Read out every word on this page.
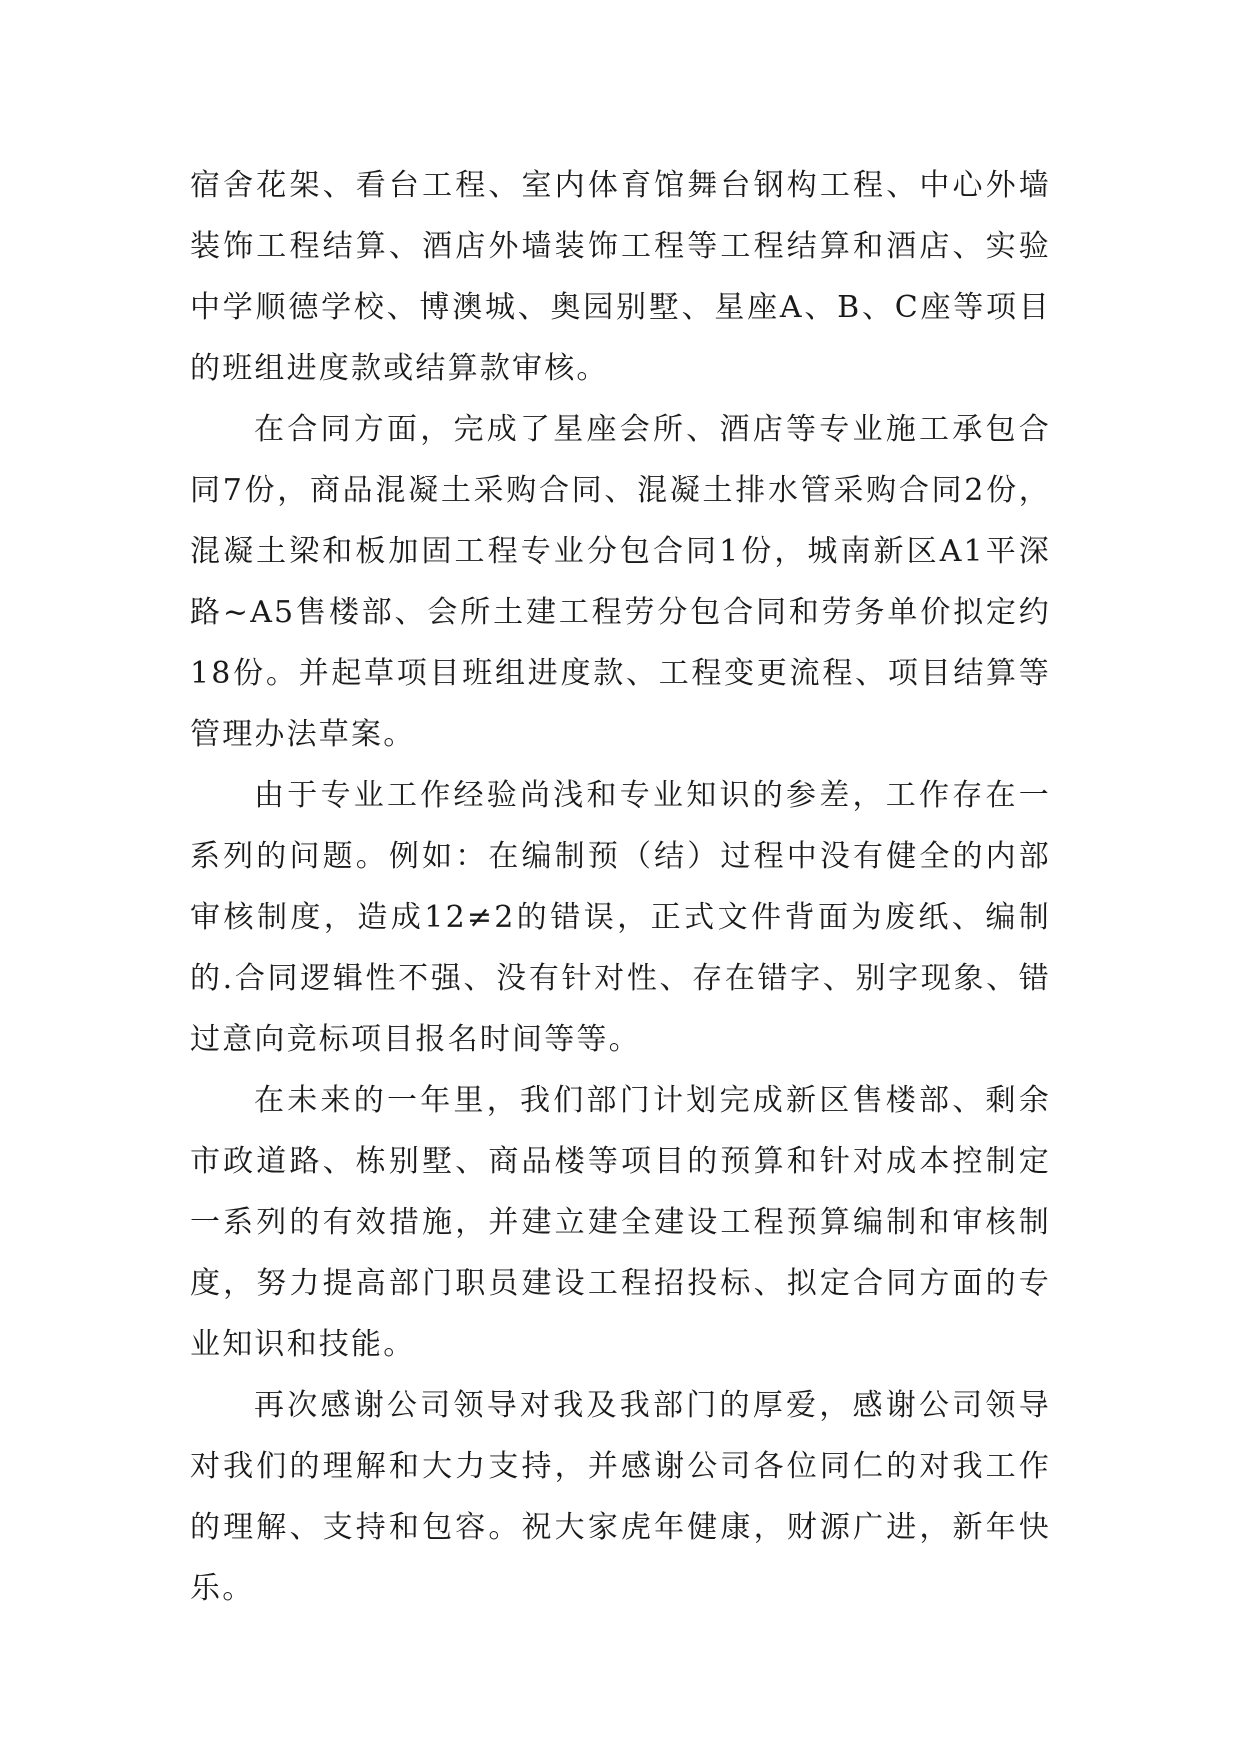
宿舍花架、看台工程、室内体育馆舞台钢构工程、中心外墙装饰工程结算、酒店外墙装饰工程等工程结算和酒店、实验中学顺德学校、博澳城、奥园别墅、星座A、B、C座等项目的班组进度款或结算款审核。

在合同方面，完成了星座会所、酒店等专业施工承包合同7份，商品混凝土采购合同、混凝土排水管采购合同2份，混凝土梁和板加固工程专业分包合同1份，城南新区A1平深路~A5售楼部、会所土建工程劳分包合同和劳务单价拟定约18份。并起草项目班组进度款、工程变更流程、项目结算等管理办法草案。

由于专业工作经验尚浅和专业知识的参差，工作存在一系列的问题。例如：在编制预（结）过程中没有健全的内部审核制度，造成12≠2的错误，正式文件背面为废纸、编制的.合同逻辑性不强、没有针对性、存在错字、别字现象、错过意向竞标项目报名时间等等。

在未来的一年里，我们部门计划完成新区售楼部、剩余市政道路、栋别墅、商品楼等项目的预算和针对成本控制定一系列的有效措施，并建立建全建设工程预算编制和审核制度，努力提高部门职员建设工程招投标、拟定合同方面的专业知识和技能。

再次感谢公司领导对我及我部门的厚爱，感谢公司领导对我们的理解和大力支持，并感谢公司各位同仁的对我工作的理解、支持和包容。祝大家虎年健康，财源广进，新年快乐。
